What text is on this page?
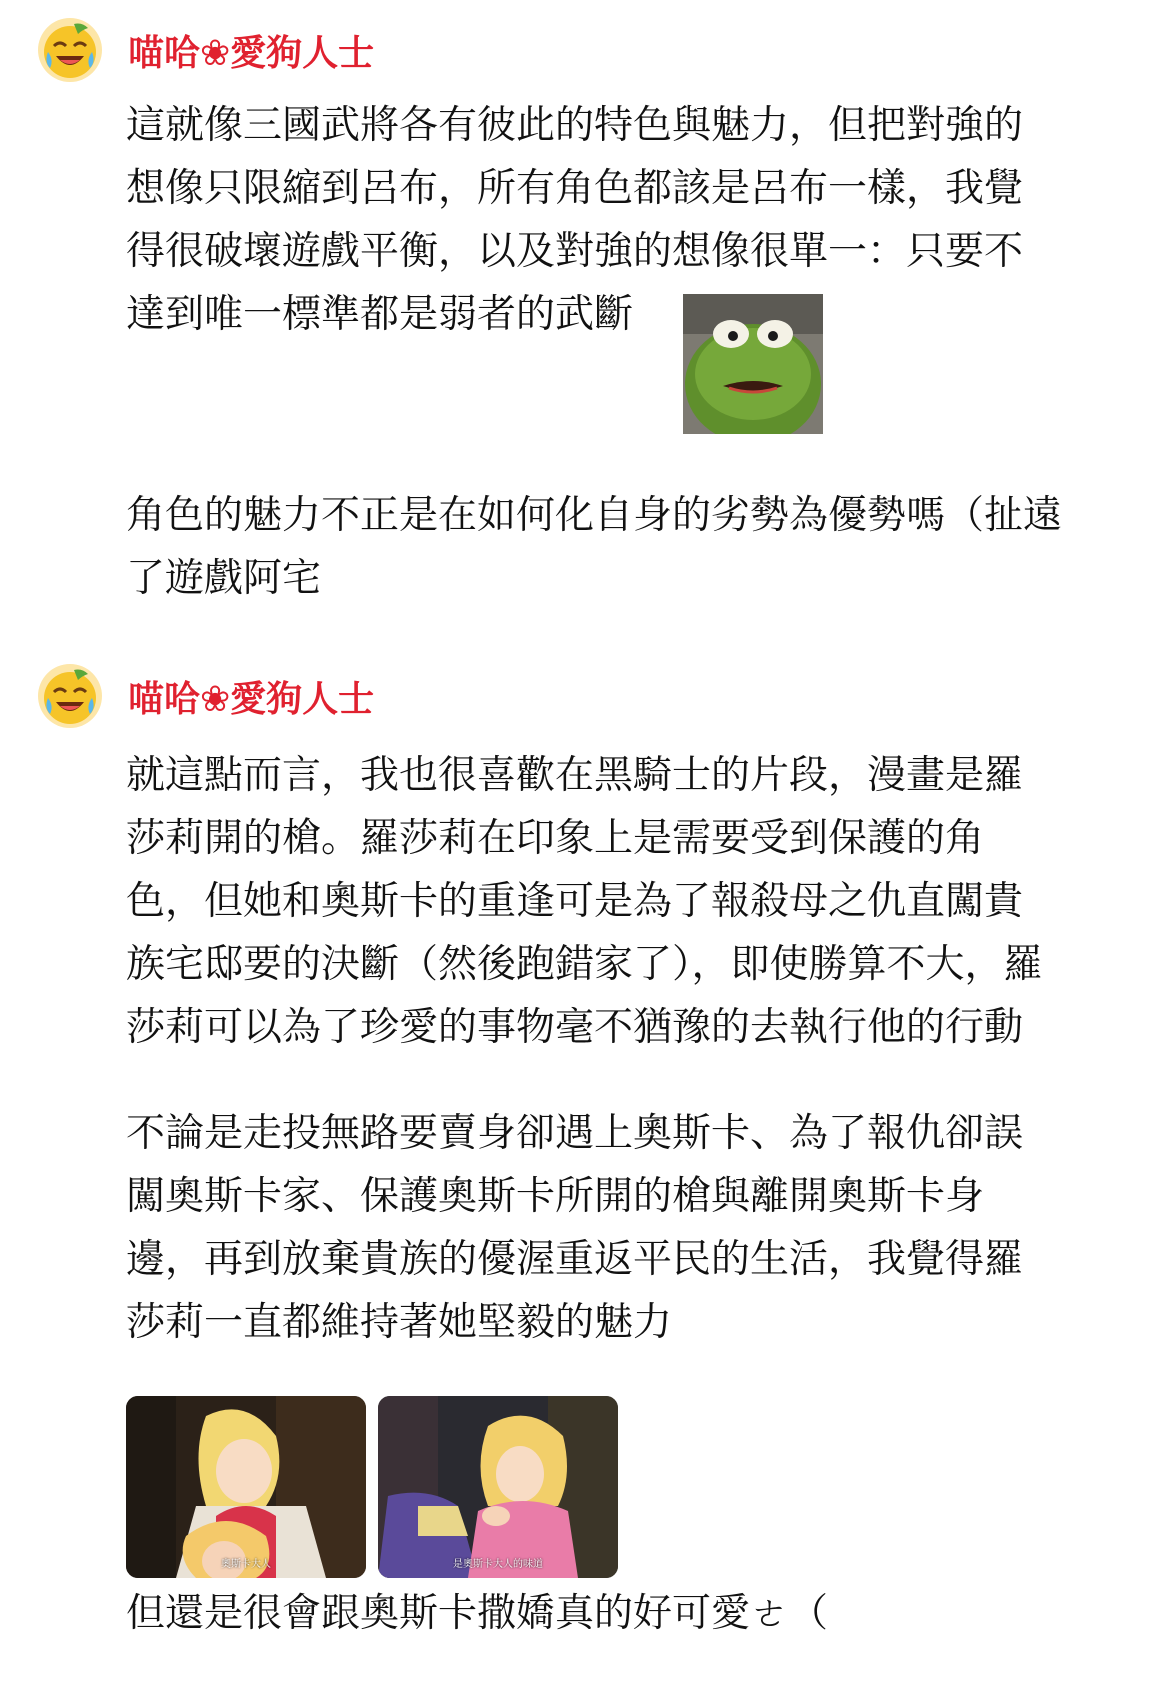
喵哈❀愛狗人士

這就像三國武將各有彼此的特色與魅力，但把對強的
想像只限縮到呂布，所有角色都該是呂布一樣，我覺
得很破壞遊戲平衡，以及對強的想像很單一：只要不
達到唯一標準都是弱者的武斷

角色的魅力不正是在如何化自身的劣勢為優勢嗎（扯遠
了遊戲阿宅

喵哈❀愛狗人士

就這點而言，我也很喜歡在黑騎士的片段，漫畫是羅
莎莉開的槍。羅莎莉在印象上是需要受到保護的角
色，但她和奧斯卡的重逢可是為了報殺母之仇直闖貴
族宅邸要的決斷（然後跑錯家了），即使勝算不大，羅
莎莉可以為了珍愛的事物毫不猶豫的去執行他的行動

不論是走投無路要賣身卻遇上奧斯卡、為了報仇卻誤
闖奧斯卡家、保護奧斯卡所開的槍與離開奧斯卡身
邊，再到放棄貴族的優渥重返平民的生活，我覺得羅
莎莉一直都維持著她堅毅的魅力

奧斯卡大人	是奧斯卡大人的味道

但還是很會跟奧斯卡撒嬌真的好可愛ㄜ（
